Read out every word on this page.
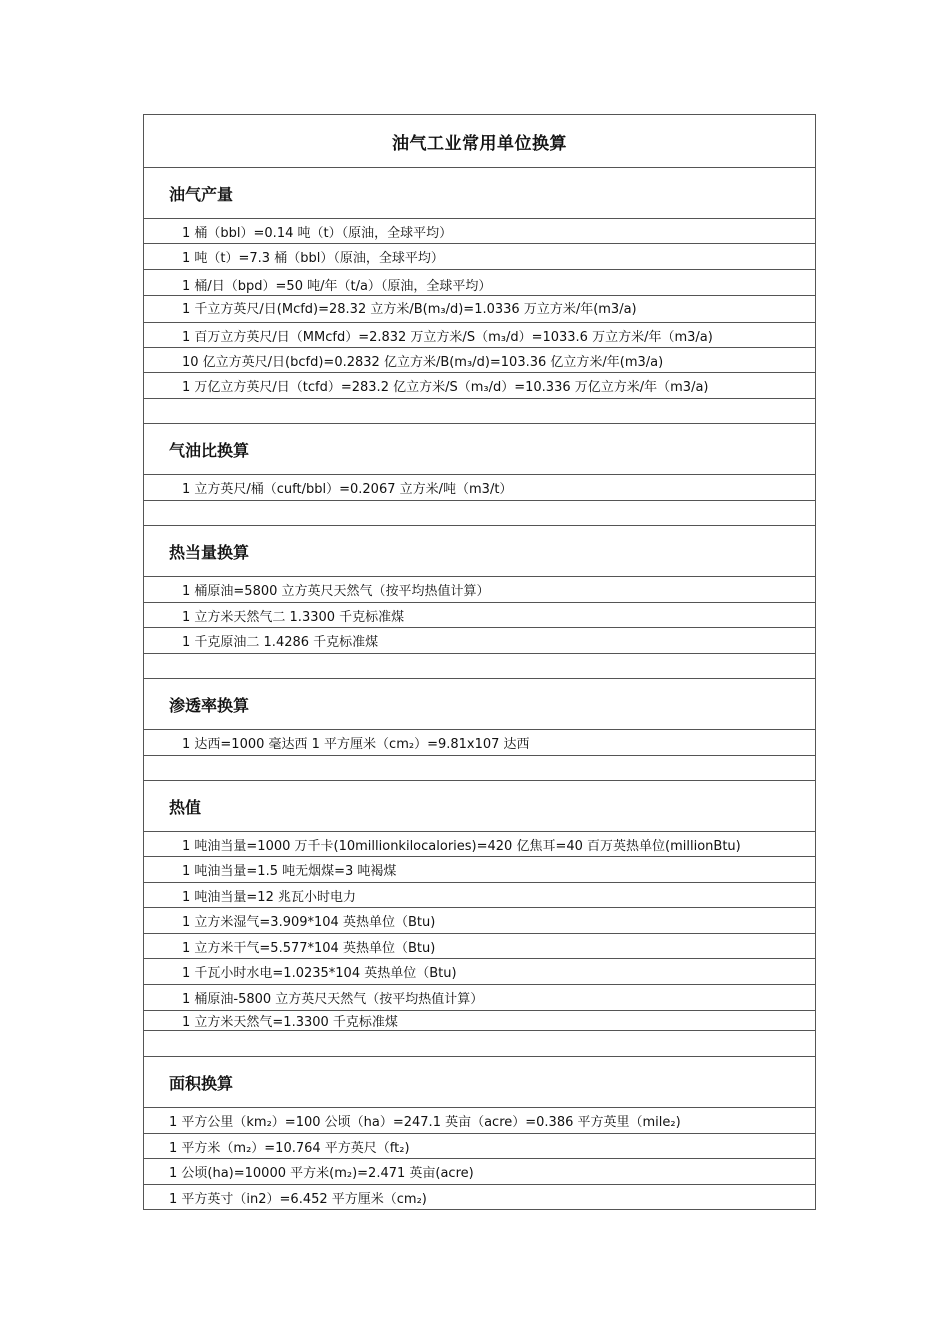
油气工业常用单位换算
油气产量
1 桶（bbl）=0.14 吨（t）（原油，全球平均）
1 吨（t）=7.3 桶（bbl）（原油，全球平均）
1 桶/日（bpd）=50 吨/年（t/a）（原油，全球平均）
1 千立方英尺/日(Mcfd)=28.32 立方米/B(m₃/d)=1.0336 万立方米/年(m3/a)
1 百万立方英尺/日（MMcfd）=2.832 万立方米/S（m₃/d）=1033.6 万立方米/年（m3/a)
10 亿立方英尺/日(bcfd)=0.2832 亿立方米/B(m₃/d)=103.36 亿立方米/年(m3/a)
1 万亿立方英尺/日（tcfd）=283.2 亿立方米/S（m₃/d）=10.336 万亿立方米/年（m3/a)
气油比换算
1 立方英尺/桶（cuft/bbl）=0.2067 立方米/吨（m3/t）
热当量换算
1 桶原油=5800 立方英尺天然气（按平均热值计算）
1 立方米天然气二 1.3300 千克标准煤
1 千克原油二 1.4286 千克标准煤
渗透率换算
1 达西=1000 毫达西 1 平方厘米（cm₂）=9.81x107 达西
热值
1 吨油当量=1000 万千卡(10millionkilocalories)=420 亿焦耳=40 百万英热单位(millionBtu)
1 吨油当量=1.5 吨无烟煤=3 吨褐煤
1 吨油当量=12 兆瓦小时电力
1 立方米湿气=3.909*104 英热单位（Btu)
1 立方米干气=5.577*104 英热单位（Btu)
1 千瓦小时水电=1.0235*104 英热单位（Btu)
1 桶原油-5800 立方英尺天然气（按平均热值计算）
1 立方米天然气=1.3300 千克标准煤
面积换算
1 平方公里（km₂）=100 公顷（ha）=247.1 英亩（acre）=0.386 平方英里（mile₂)
1 平方米（m₂）=10.764 平方英尺（ft₂)
1 公顷(ha)=10000 平方米(m₂)=2.471 英亩(acre)
1 平方英寸（in2）=6.452 平方厘米（cm₂)
